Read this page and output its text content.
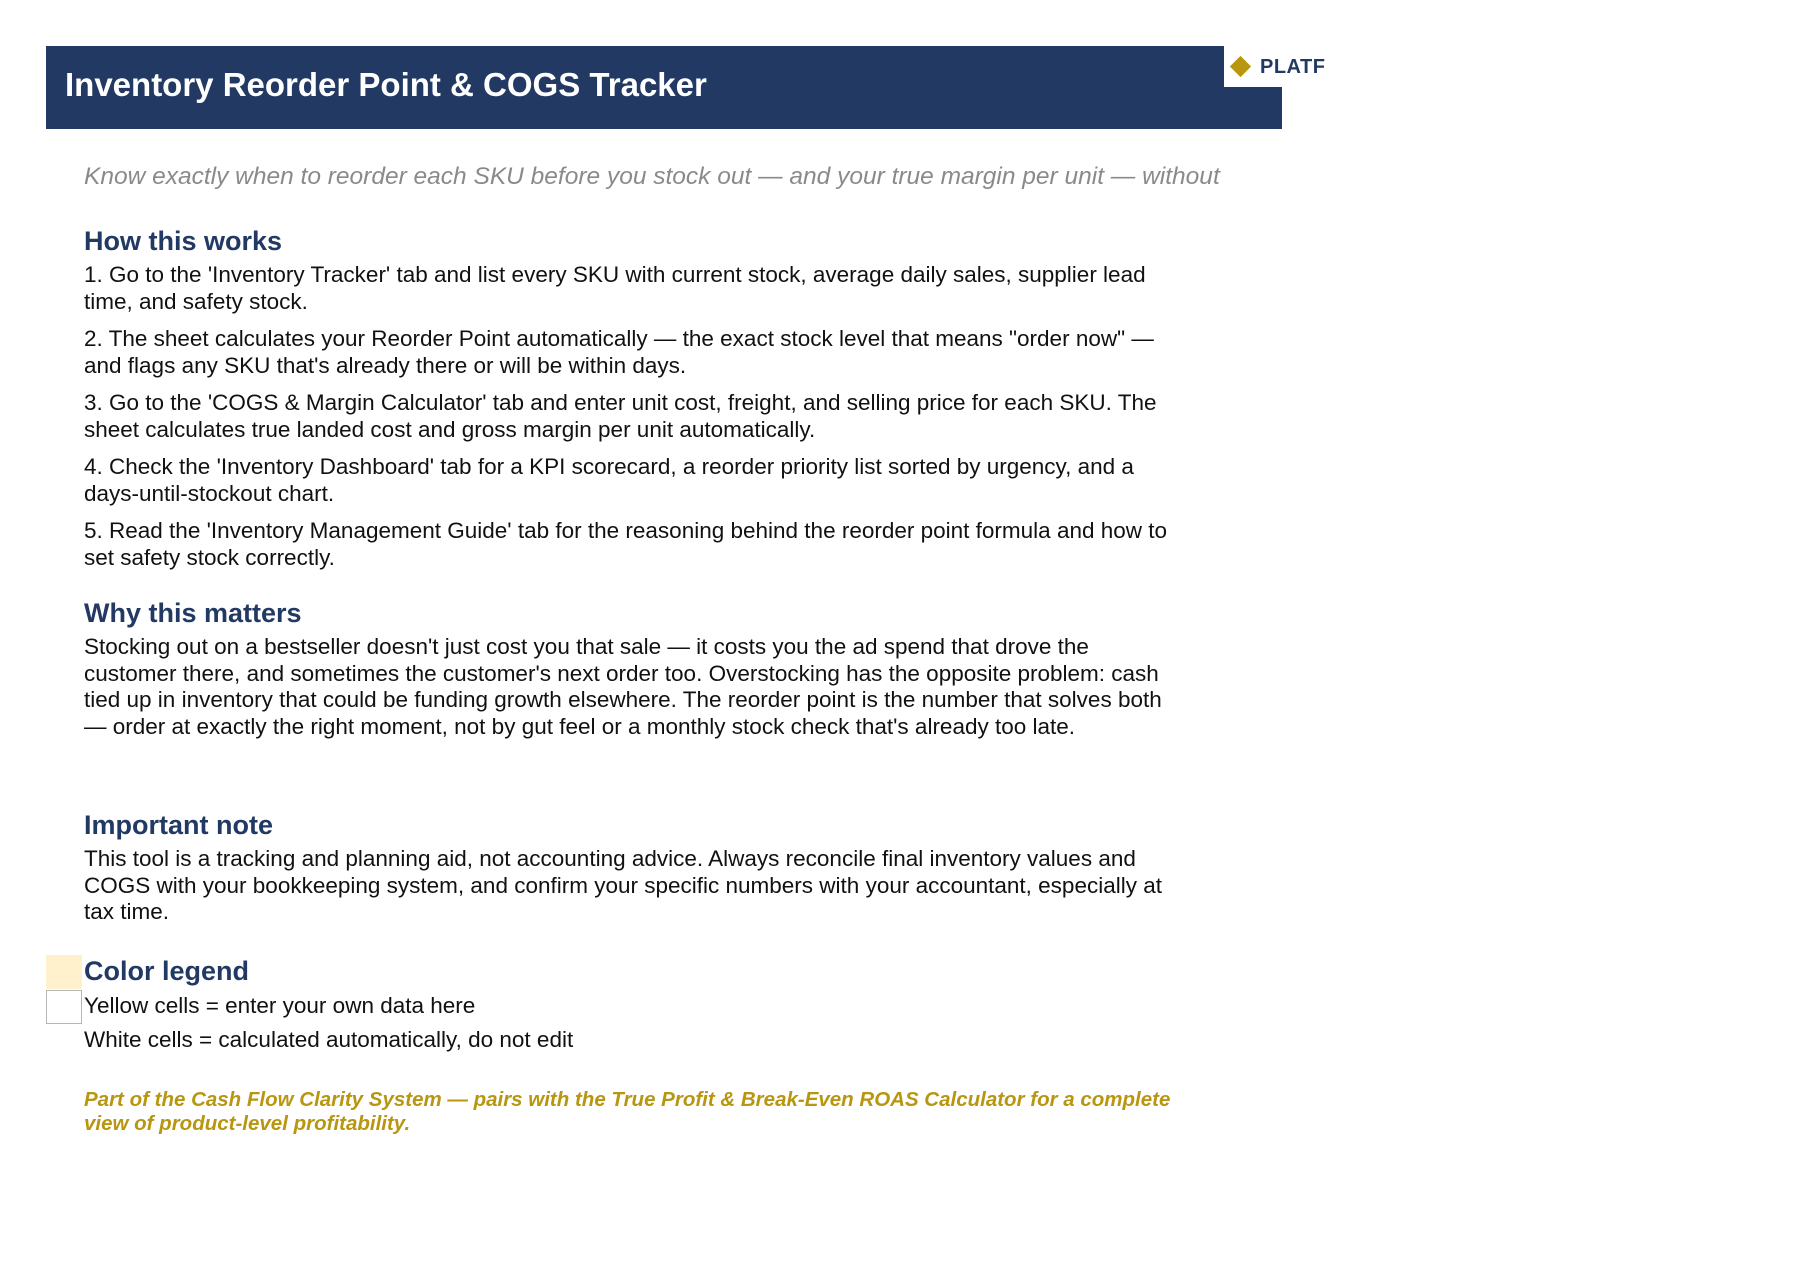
Inventory Reorder Point & COGS Tracker	PLATF
Know exactly when to reorder each SKU before you stock out — and your true margin per unit — without
How this works
1. Go to the 'Inventory Tracker' tab and list every SKU with current stock, average daily sales, supplier lead time, and safety stock.
2. The sheet calculates your Reorder Point automatically — the exact stock level that means "order now" — and flags any SKU that's already there or will be within days.
3. Go to the 'COGS & Margin Calculator' tab and enter unit cost, freight, and selling price for each SKU. The sheet calculates true landed cost and gross margin per unit automatically.
4. Check the 'Inventory Dashboard' tab for a KPI scorecard, a reorder priority list sorted by urgency, and a days-until-stockout chart.
5. Read the 'Inventory Management Guide' tab for the reasoning behind the reorder point formula and how to set safety stock correctly.
Why this matters
Stocking out on a bestseller doesn't just cost you that sale — it costs you the ad spend that drove the customer there, and sometimes the customer's next order too. Overstocking has the opposite problem: cash tied up in inventory that could be funding growth elsewhere. The reorder point is the number that solves both — order at exactly the right moment, not by gut feel or a monthly stock check that's already too late.
Important note
This tool is a tracking and planning aid, not accounting advice. Always reconcile final inventory values and COGS with your bookkeeping system, and confirm your specific numbers with your accountant, especially at tax time.
Color legend
Yellow cells = enter your own data here
White cells = calculated automatically, do not edit
Part of the Cash Flow Clarity System — pairs with the True Profit & Break-Even ROAS Calculator for a complete view of product-level profitability.
